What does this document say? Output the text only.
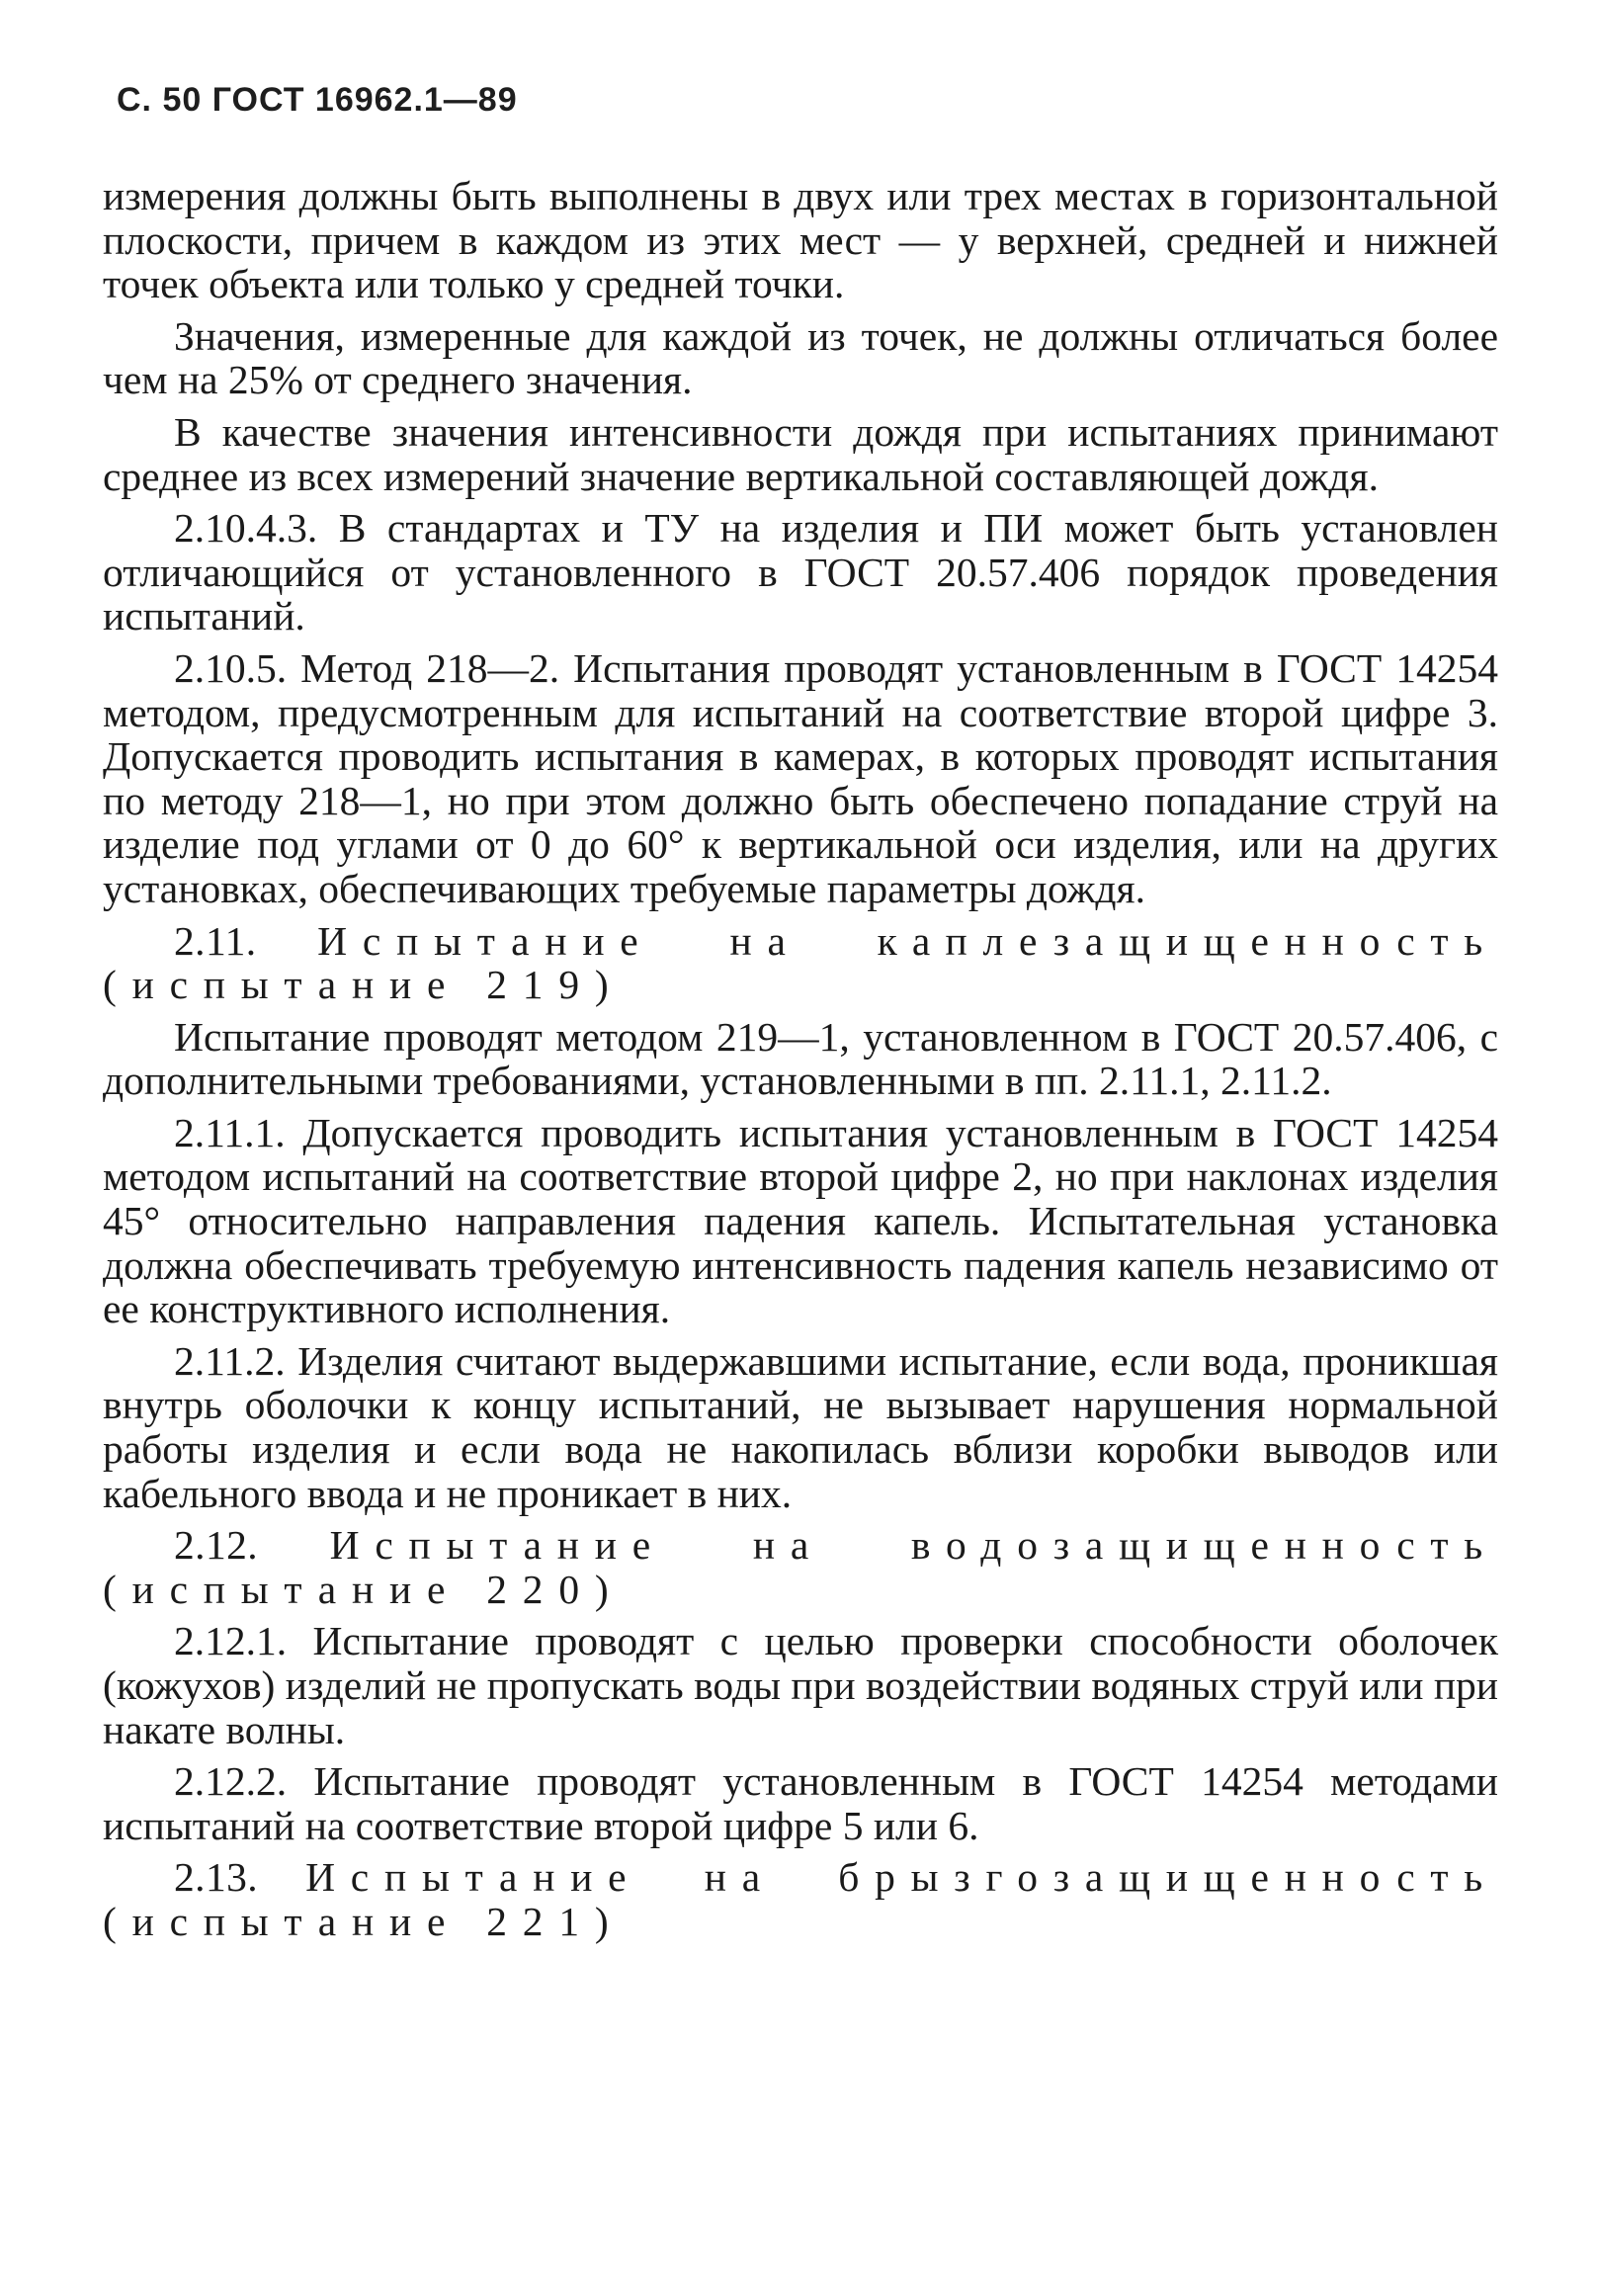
С. 50 ГОСТ 16962.1—89

измерения должны быть выполнены в двух или трех местах в горизонтальной плоскости, причем в каждом из этих мест — у верхней, средней и нижней точек объекта или только у средней точки.

Значения, измеренные для каждой из точек, не должны отличаться более чем на 25% от среднего значения.

В качестве значения интенсивности дождя при испытаниях принимают среднее из всех измерений значение вертикальной составляющей дождя.

2.10.4.3. В стандартах и ТУ на изделия и ПИ может быть установлен отличающийся от установленного в ГОСТ 20.57.406 порядок проведения испытаний.

2.10.5. Метод 218—2. Испытания проводят установленным в ГОСТ 14254 методом, предусмотренным для испытаний на соответствие второй цифре 3. Допускается проводить испытания в камерах, в которых проводят испытания по методу 218—1, но при этом должно быть обеспечено попадание струй на изделие под углами от 0 до 60° к вертикальной оси изделия, или на других установках, обеспечивающих требуемые параметры дождя.

2.11. Испытание на каплезащищенность (испытание 219)

Испытание проводят методом 219—1, установленном в ГОСТ 20.57.406, с дополнительными требованиями, установленными в пп. 2.11.1, 2.11.2.

2.11.1. Допускается проводить испытания установленным в ГОСТ 14254 методом испытаний на соответствие второй цифре 2, но при наклонах изделия 45° относительно направления падения капель. Испытательная установка должна обеспечивать требуемую интенсивность падения капель независимо от ее конструктивного исполнения.

2.11.2. Изделия считают выдержавшими испытание, если вода, проникшая внутрь оболочки к концу испытаний, не вызывает нарушения нормальной работы изделия и если вода не накопилась вблизи коробки выводов или кабельного ввода и не проникает в них.

2.12. Испытание на водозащищенность (испытание 220)

2.12.1. Испытание проводят с целью проверки способности оболочек (кожухов) изделий не пропускать воды при воздействии водяных струй или при накате волны.

2.12.2. Испытание проводят установленным в ГОСТ 14254 методами испытаний на соответствие второй цифре 5 или 6.

2.13. Испытание на брызгозащищенность (испытание 221)
